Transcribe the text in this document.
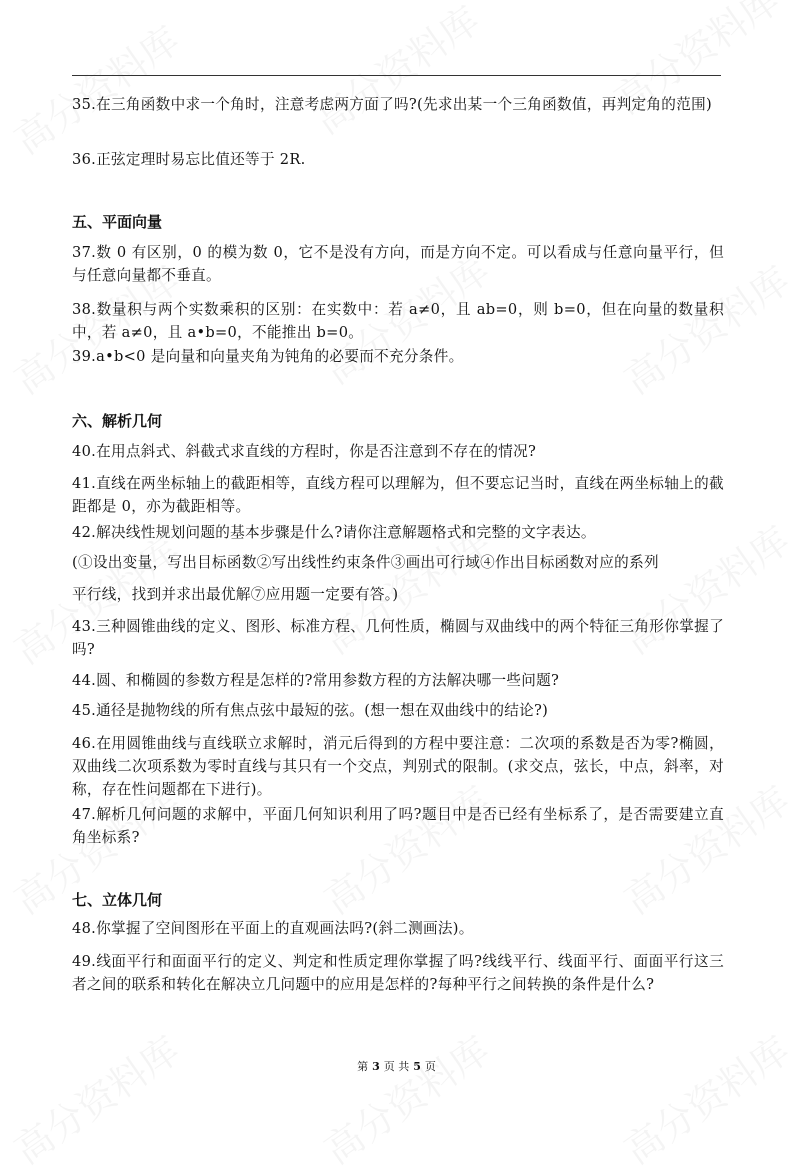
35.在三角函数中求一个角时，注意考虑两方面了吗?(先求出某一个三角函数值，再判定角的范围)
36.正弦定理时易忘比值还等于 2R.
五、平面向量
37.数 0 有区别，0 的模为数 0，它不是没有方向，而是方向不定。可以看成与任意向量平行，但与任意向量都不垂直。
38.数量积与两个实数乘积的区别：在实数中：若 a≠0，且 ab=0，则 b=0，但在向量的数量积中，若 a≠0，且 a•b=0，不能推出 b=0。
39.a•b<0 是向量和向量夹角为钝角的必要而不充分条件。
六、解析几何
40.在用点斜式、斜截式求直线的方程时，你是否注意到不存在的情况?
41.直线在两坐标轴上的截距相等，直线方程可以理解为，但不要忘记当时，直线在两坐标轴上的截距都是 0，亦为截距相等。
42.解决线性规划问题的基本步骤是什么?请你注意解题格式和完整的文字表达。
(①设出变量，写出目标函数②写出线性约束条件③画出可行域④作出目标函数对应的系列
平行线，找到并求出最优解⑦应用题一定要有答。)
43.三种圆锥曲线的定义、图形、标准方程、几何性质，椭圆与双曲线中的两个特征三角形你掌握了吗?
44.圆、和椭圆的参数方程是怎样的?常用参数方程的方法解决哪一些问题?
45.通径是抛物线的所有焦点弦中最短的弦。(想一想在双曲线中的结论?)
46.在用圆锥曲线与直线联立求解时，消元后得到的方程中要注意：二次项的系数是否为零?椭圆，双曲线二次项系数为零时直线与其只有一个交点，判别式的限制。(求交点，弦长，中点，斜率，对称，存在性问题都在下进行)。
47.解析几何问题的求解中，平面几何知识利用了吗?题目中是否已经有坐标系了，是否需要建立直角坐标系?
七、立体几何
48.你掌握了空间图形在平面上的直观画法吗?(斜二测画法)。
49.线面平行和面面平行的定义、判定和性质定理你掌握了吗?线线平行、线面平行、面面平行这三者之间的联系和转化在解决立几问题中的应用是怎样的?每种平行之间转换的条件是什么?
第 3 页 共 5 页
